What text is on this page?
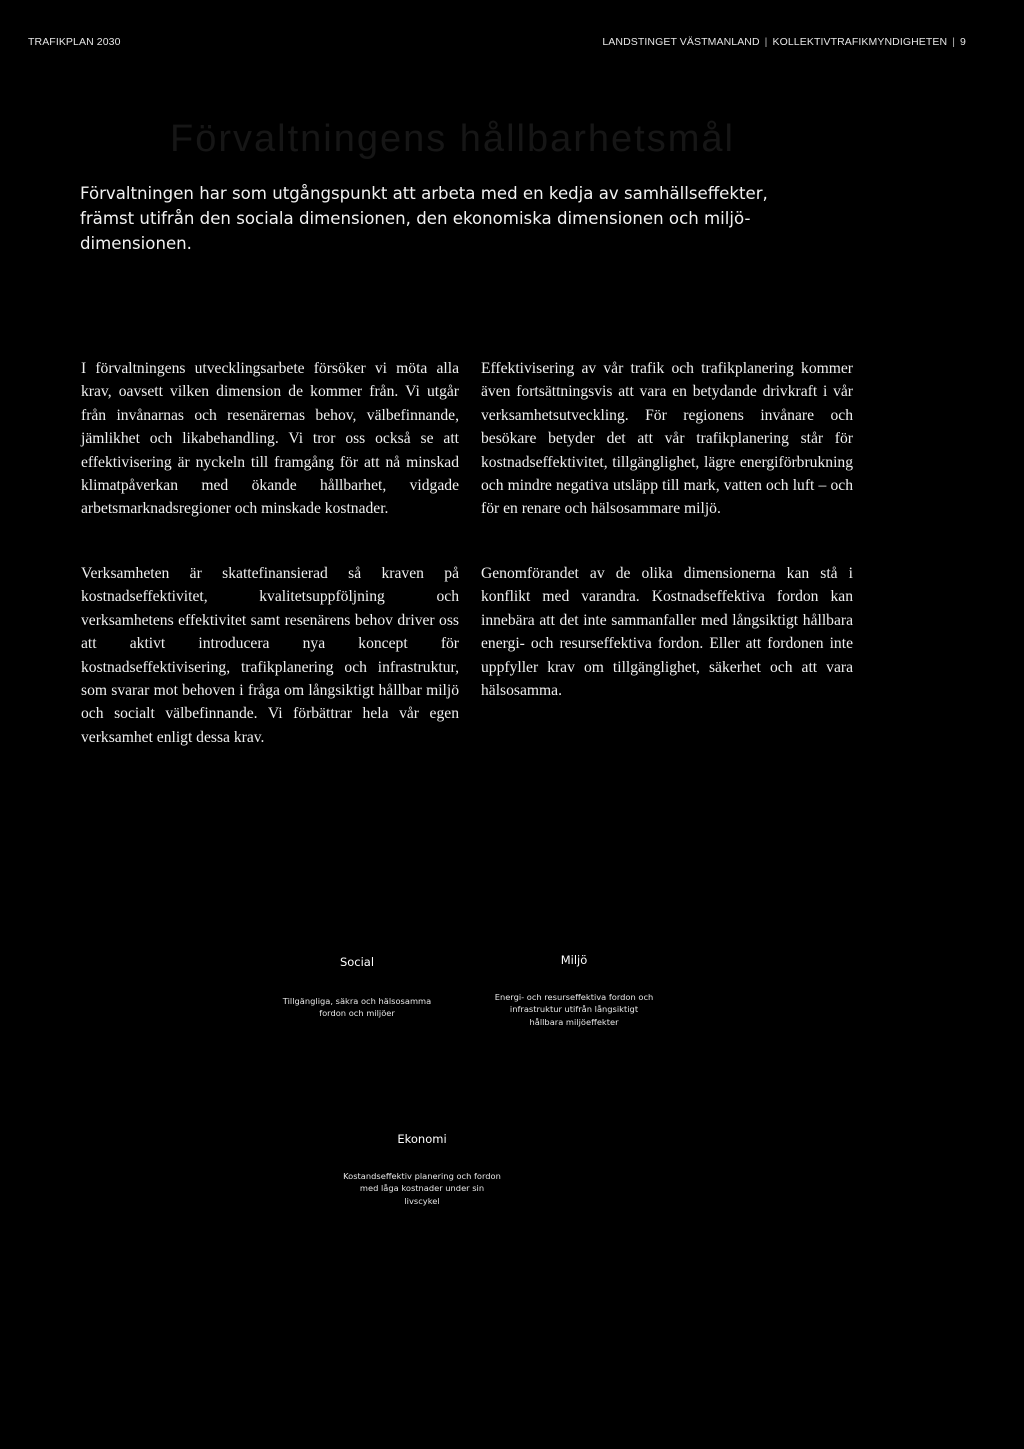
TRAFIKPLAN 2030	LANDSTINGET VÄSTMANLAND | KOLLEKTIVTRAFIKMYNDIGHETEN | 9
Förvaltningens hållbarhetsmål

Förvaltningen har som utgångspunkt att arbeta med en kedja av samhällseffekter, främst utifrån den sociala dimensionen, den ekonomiska dimensionen och miljö-dimensionen.

I förvaltningens utvecklingsarbete försöker vi möta alla krav, oavsett vilken dimension de kommer från. Vi utgår från invånarnas och resenärernas behov, välbefinnande, jämlikhet och likabehandling. Vi tror oss också se att effektivisering är nyckeln till framgång för att nå minskad klimatpåverkan med ökande hållbarhet, vidgade arbetsmarknadsregioner och minskade kostnader.

Verksamheten är skattefinansierad så kraven på kostnadseffektivitet, kvalitetsuppföljning och verksamhetens effektivitet samt resenärens behov driver oss att aktivt introducera nya koncept för kostnadseffektivisering, trafikplanering och infrastruktur, som svarar mot behoven i fråga om långsiktigt hållbar miljö och socialt välbefinnande. Vi förbättrar hela vår egen verksamhet enligt dessa krav.

Effektivisering av vår trafik och trafikplanering kommer även fortsättningsvis att vara en betydande drivkraft i vår verksamhetsutveckling. För regionens invånare och besökare betyder det att vår trafikplanering står för kostnadseffektivitet, tillgänglighet, lägre energiförbrukning och mindre negativa utsläpp till mark, vatten och luft – och för en renare och hälsosammare miljö.

Genomförandet av de olika dimensionerna kan stå i konflikt med varandra. Kostnadseffektiva fordon kan innebära att det inte sammanfaller med långsiktigt hållbara energi- och resurseffektiva fordon. Eller att fordonen inte uppfyller krav om tillgänglighet, säkerhet och att vara hälsosamma.

Social
Tillgängliga, säkra och hälsosamma fordon och miljöer
Miljö
Energi- och resurseffektiva fordon och infrastruktur utifrån långsiktigt hållbara miljöeffekter
Ekonomi
Kostandseffektiv planering och fordon med låga kostnader under sin livscykel
